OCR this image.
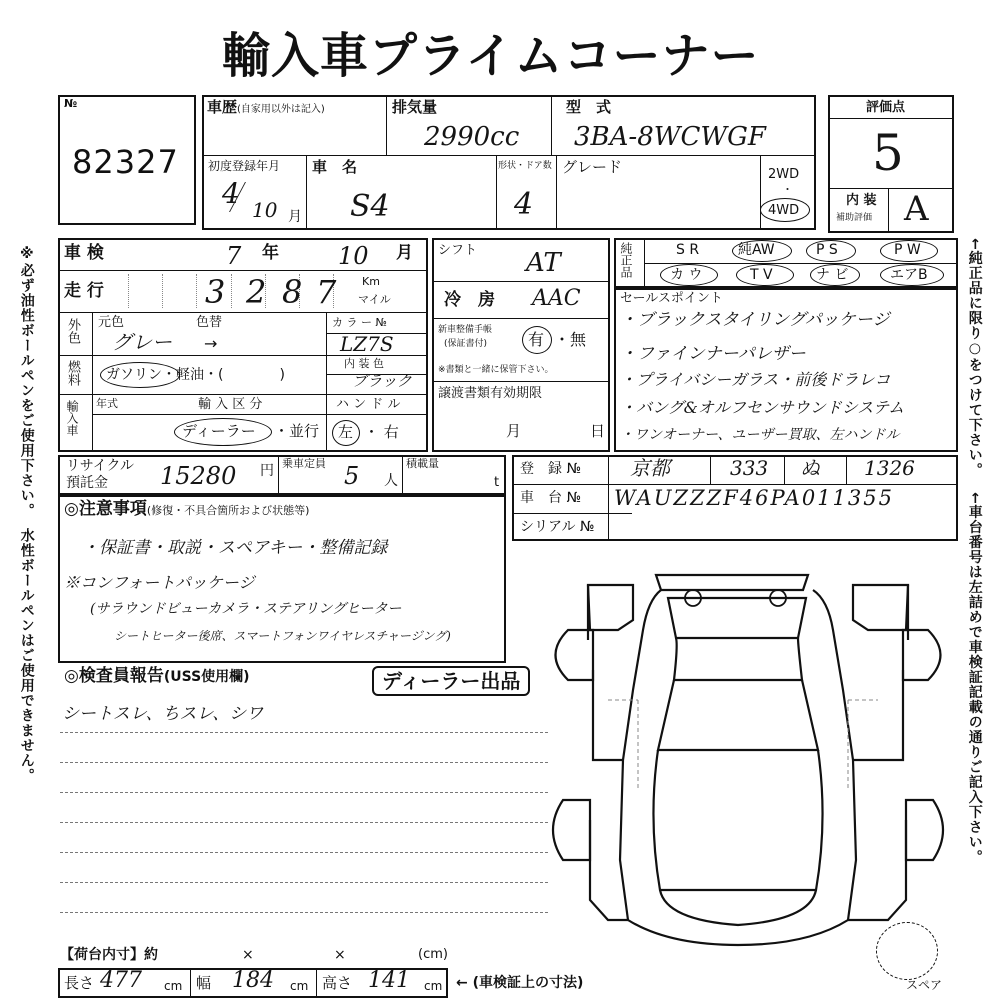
輸入車プライムコーナー
※必ず油性ボールペンをご使用下さい。
水性ボールペンはご使用できません。
←純正品に限り○をつけて下さい。
←車台番号は左詰めで車検証記載の通りご記入下さい。
№
82327
車歴(自家用以外は記入)	排気量
2990cc
型　式
3BA-8WCWGF
初度登録年月
4 10 月
車　名
S4
形状・ドア数
4
グレード	2WD
・
4WD
評価点
5
内 装
補助評価 A
車 検	7 年 10 月
走 行	3 2 8 7 Km
マイル
外色 元色	色替
グレー →
カ ラ ー №
LZ7S
燃料 ガソリン・軽油・(　　　　)
内 装 色
ブラック
輸入車 年式	輸 入 区 分
ディーラー ・並行
ハ ン ド ル
左 ・ 右
シフト AT
冷　房 AAC
新車整備手帳
(保証書付)	有 ・無
※書類と一緒に保管下さい。
譲渡書類有効期限
月	日
純正品	S R	純AW	P S	P W
カ ウ	T V	ナ ビ	エアB
セールスポイント
・ブラックスタイリングパッケージ
・ファインナーパレザー
・プライバシーガラス・前後ドラレコ
・バング&オルフセンサウンドシステム
・ワンオーナー、ユーザー買取、左ハンドル
リサイクル
預託金 15280 円 乗車定員 5 人
積載量
t
登　録 № 京都	333 ぬ 1326
車　台 № WAUZZZF46PA011355
シリアル №
◎注意事項(修復・不具合箇所および状態等)
・保証書・取説・スペアキー・整備記録
※コンフォートパッケージ
(サラウンドビューカメラ・ステアリングヒーター
シートヒーター後席、スマートフォンワイヤレスチャージング)
◎検査員報告(USS使用欄)	ディーラー出品
シートスレ、ちスレ、シワ
スペア
【荷台内寸】約	×	×	(cm)
長さ 477 cm 幅 184 cm 高さ 141 cm ← (車検証上の寸法)
